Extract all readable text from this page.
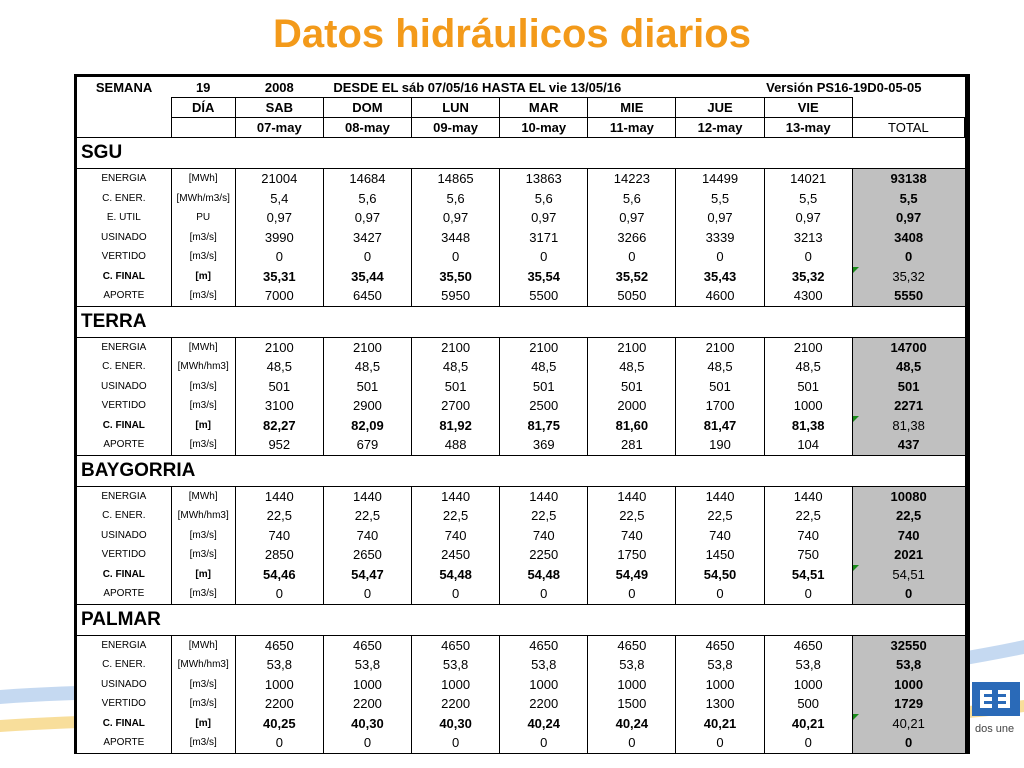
Datos hidráulicos diarios
SEMANA	19	2008	DESDE EL sáb 07/05/16 HASTA EL vie 13/05/16					Versión PS16-19D0-05-05	
	DÍA	SAB	DOM	LUN	MAR	MIE	JUE	VIE	
		07-may	08-may	09-may	10-may	11-may	12-may	13-may	TOTAL
SGU									
ENERGIA	[MWh]	21004	14684	14865	13863	14223	14499	14021	93138
C. ENER.	[MWh/m3/s]	5,4	5,6	5,6	5,6	5,6	5,5	5,5	5,5
E. UTIL	PU	0,97	0,97	0,97	0,97	0,97	0,97	0,97	0,97
USINADO	[m3/s]	3990	3427	3448	3171	3266	3339	3213	3408
VERTIDO	[m3/s]	0	0	0	0	0	0	0	0
C. FINAL	[m]	35,31	35,44	35,50	35,54	35,52	35,43	35,32	35,32

APORTE	[m3/s]	7000	6450	5950	5500	5050	4600	4300	5550
TERRA									
ENERGIA	[MWh]	2100	2100	2100	2100	2100	2100	2100	14700
C. ENER.	[MWh/hm3]	48,5	48,5	48,5	48,5	48,5	48,5	48,5	48,5
USINADO	[m3/s]	501	501	501	501	501	501	501	501
VERTIDO	[m3/s]	3100	2900	2700	2500	2000	1700	1000	2271
C. FINAL	[m]	82,27	82,09	81,92	81,75	81,60	81,47	81,38	81,38

APORTE	[m3/s]	952	679	488	369	281	190	104	437
BAYGORRIA									
ENERGIA	[MWh]	1440	1440	1440	1440	1440	1440	1440	10080
C. ENER.	[MWh/hm3]	22,5	22,5	22,5	22,5	22,5	22,5	22,5	22,5
USINADO	[m3/s]	740	740	740	740	740	740	740	740
VERTIDO	[m3/s]	2850	2650	2450	2250	1750	1450	750	2021
C. FINAL	[m]	54,46	54,47	54,48	54,48	54,49	54,50	54,51	54,51

APORTE	[m3/s]	0	0	0	0	0	0	0	0
PALMAR									
ENERGIA	[MWh]	4650	4650	4650	4650	4650	4650	4650	32550
C. ENER.	[MWh/hm3]	53,8	53,8	53,8	53,8	53,8	53,8	53,8	53,8
USINADO	[m3/s]	1000	1000	1000	1000	1000	1000	1000	1000
VERTIDO	[m3/s]	2200	2200	2200	2200	1500	1300	500	1729
C. FINAL	[m]	40,25	40,30	40,30	40,24	40,24	40,21	40,21	40,21

APORTE	[m3/s]	0	0	0	0	0	0	0	0
dos une
